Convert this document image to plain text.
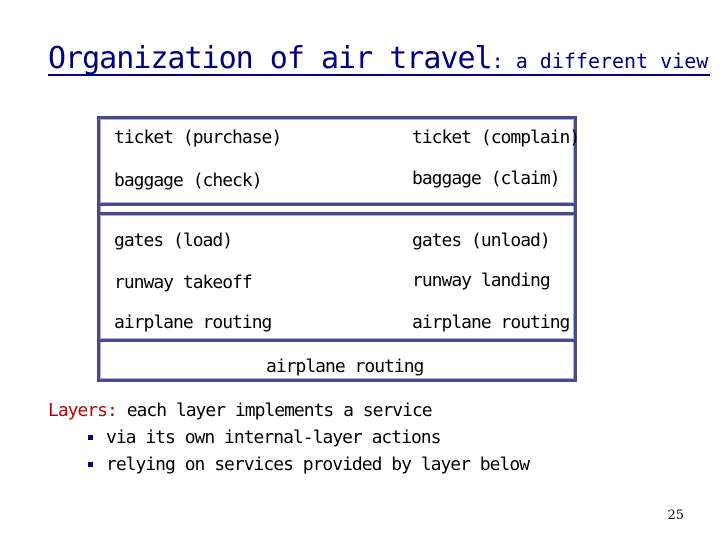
Organization of air travel: a different view
ticket (purchase)	ticket (complain)
baggage (check)	baggage (claim)
gates (load)	gates (unload)
runway takeoff	runway landing
airplane routing	airplane routing
airplane routing
Layers: each layer implements a service
via its own internal-layer actions
relying on services provided by layer below
25
